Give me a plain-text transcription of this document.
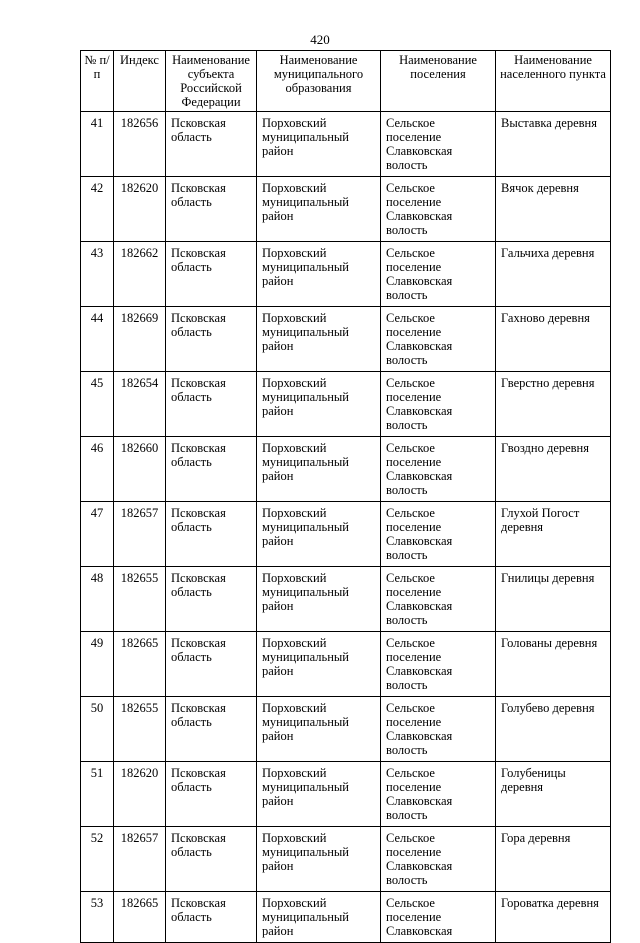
420
№ п/п	Индекс	Наименование субъекта Российской Федерации	Наименование муниципального образования	Наименование поселения	Наименование населенного пункта
41	182656	Псковская область	Порховский муниципальный район	Сельское поселение Славковская волость	Выставка деревня
42	182620	Псковская область	Порховский муниципальный район	Сельское поселение Славковская волость	Вячок деревня
43	182662	Псковская область	Порховский муниципальный район	Сельское поселение Славковская волость	Гальчиха деревня
44	182669	Псковская область	Порховский муниципальный район	Сельское поселение Славковская волость	Гахново деревня
45	182654	Псковская область	Порховский муниципальный район	Сельское поселение Славковская волость	Гверстно деревня
46	182660	Псковская область	Порховский муниципальный район	Сельское поселение Славковская волость	Гвоздно деревня
47	182657	Псковская область	Порховский муниципальный район	Сельское поселение Славковская волость	Глухой Погост деревня
48	182655	Псковская область	Порховский муниципальный район	Сельское поселение Славковская волость	Гнилицы деревня
49	182665	Псковская область	Порховский муниципальный район	Сельское поселение Славковская волость	Голованы деревня
50	182655	Псковская область	Порховский муниципальный район	Сельское поселение Славковская волость	Голубево деревня
51	182620	Псковская область	Порховский муниципальный район	Сельское поселение Славковская волость	Голубеницы деревня
52	182657	Псковская область	Порховский муниципальный район	Сельское поселение Славковская волость	Гора деревня
53	182665	Псковская область	Порховский муниципальный район	Сельское поселение Славковская	Горoватка деревня
